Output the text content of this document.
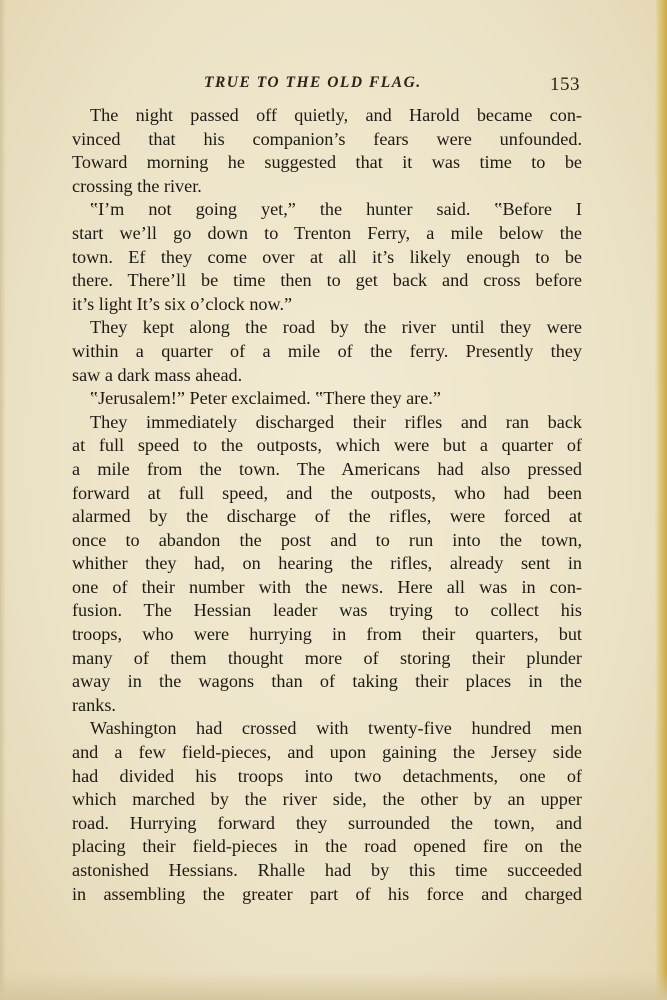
TRUE TO THE OLD FLAG.	153
The night passed off quietly, and Harold became con-
vinced that his companion’s fears were unfounded.
Toward morning he suggested that it was time to be
crossing the river.
‟I’m not going yet,” the hunter said. ‟Before I
start we’ll go down to Trenton Ferry, a mile below the
town. Ef they come over at all it’s likely enough to be
there. There’ll be time then to get back and cross before
it’s light It’s six o’clock now.”
They kept along the road by the river until they were
within a quarter of a mile of the ferry. Presently they
saw a dark mass ahead.
‟Jerusalem!” Peter exclaimed. ‟There they are.”
They immediately discharged their rifles and ran back
at full speed to the outposts, which were but a quarter of
a mile from the town. The Americans had also pressed
forward at full speed, and the outposts, who had been
alarmed by the discharge of the rifles, were forced at
once to abandon the post and to run into the town,
whither they had, on hearing the rifles, already sent in
one of their number with the news. Here all was in con-
fusion. The Hessian leader was trying to collect his
troops, who were hurrying in from their quarters, but
many of them thought more of storing their plunder
away in the wagons than of taking their places in the
ranks.
Washington had crossed with twenty-five hundred men
and a few field-pieces, and upon gaining the Jersey side
had divided his troops into two detachments, one of
which marched by the river side, the other by an upper
road. Hurrying forward they surrounded the town, and
placing their field-pieces in the road opened fire on the
astonished Hessians. Rhalle had by this time succeeded
in assembling the greater part of his force and charged
